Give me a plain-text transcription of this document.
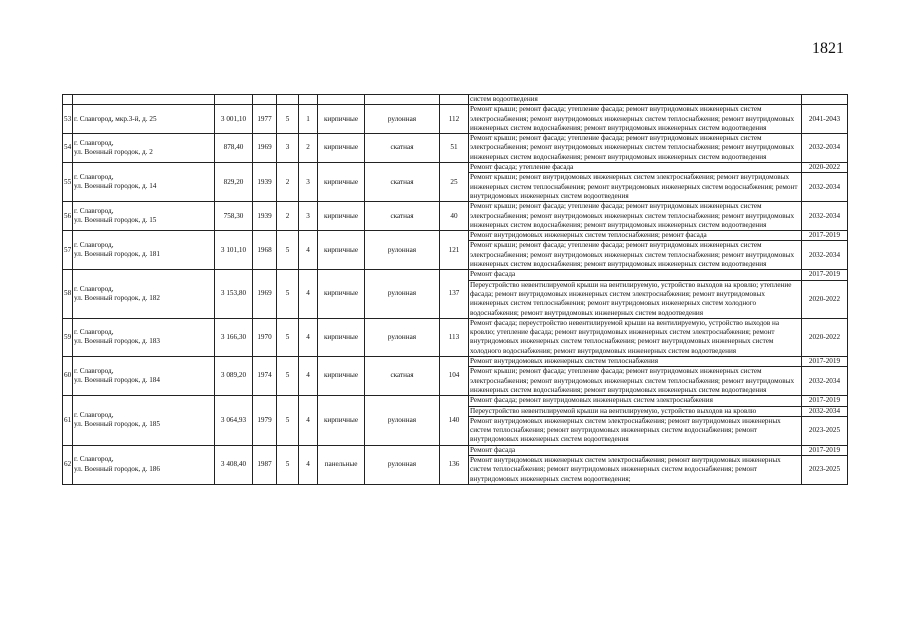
1821
									систем водоотведения	
53	г. Славгород, мкр.3-й, д. 25	3 001,10	1977	5	1	кирпичные	рулонная	112	Ремонт крыши; ремонт фасада; утепление фасада; ремонт внутридомовых инженерных систем электроснабжения; ремонт внутридомовых инженерных систем теплоснабжения; ремонт внутридомовых инженерных систем водоснабжения; ремонт внутридомовых инженерных систем водоотведения	2041-2043
54	г. Славгород,
ул. Военный городок, д. 2	878,40	1969	3	2	кирпичные	скатная	51	Ремонт крыши; ремонт фасада; утепление фасада; ремонт внутридомовых инженерных систем электроснабжения; ремонт внутридомовых инженерных систем теплоснабжения; ремонт внутридомовых инженерных систем водоснабжения; ремонт внутридомовых инженерных систем водоотведения	2032-2034
55	г. Славгород,
ул. Военный городок, д. 14	829,20	1939	2	3	кирпичные	скатная	25	Ремонт фасада; утепление фасада	2020-2022
									Ремонт крыши; ремонт внутридомовых инженерных систем электроснабжения; ремонт внутридомовых инженерных систем теплоснабжения; ремонт внутридомовых инженерных систем водоснабжения; ремонт внутридомовых инженерных систем водоотведения	2032-2034
56	г. Славгород,
ул. Военный городок, д. 15	758,30	1939	2	3	кирпичные	скатная	40	Ремонт крыши; ремонт фасада; утепление фасада; ремонт внутридомовых инженерных систем электроснабжения; ремонт внутридомовых инженерных систем теплоснабжения; ремонт внутридомовых инженерных систем водоснабжения; ремонт внутридомовых инженерных систем водоотведения	2032-2034
57	г. Славгород,
ул. Военный городок, д. 181	3 101,10	1968	5	4	кирпичные	рулонная	121	Ремонт внутридомовых инженерных систем теплоснабжения; ремонт фасада	2017-2019
									Ремонт крыши; ремонт фасада; утепление фасада; ремонт внутридомовых инженерных систем электроснабжения; ремонт внутридомовых инженерных систем теплоснабжения; ремонт внутридомовых инженерных систем водоснабжения; ремонт внутридомовых инженерных систем водоотведения	2032-2034
58	г. Славгород,
ул. Военный городок, д. 182	3 153,80	1969	5	4	кирпичные	рулонная	137	Ремонт фасада	2017-2019
									Переустройство невентилируемой крыши на вентилируемую, устройство выходов на кровлю; утепление фасада; ремонт внутридомовых инженерных систем электроснабжения; ремонт внутридомовых инженерных систем теплоснабжения; ремонт внутридомовых инженерных систем холодного водоснабжения; ремонт внутридомовых инженерных систем водоотведения	2020-2022
59	г. Славгород,
ул. Военный городок, д. 183	3 166,30	1970	5	4	кирпичные	рулонная	113	Ремонт фасада; переустройство невентилируемой крыши на вентилируемую, устройство выходов на кровлю; утепление фасада; ремонт внутридомовых инженерных систем электроснабжения; ремонт внутридомовых инженерных систем теплоснабжения; ремонт внутридомовых инженерных систем холодного водоснабжения; ремонт внутридомовых инженерных систем водоотведения	2020-2022
60	г. Славгород,
ул. Военный городок, д. 184	3 089,20	1974	5	4	кирпичные	скатная	104	Ремонт внутридомовых инженерных систем теплоснабжения	2017-2019
									Ремонт крыши; ремонт фасада; утепление фасада; ремонт внутридомовых инженерных систем электроснабжения; ремонт внутридомовых инженерных систем теплоснабжения; ремонт внутридомовых инженерных систем водоснабжения; ремонт внутридомовых инженерных систем водоотведения	2032-2034
61	г. Славгород,
ул. Военный городок, д. 185	3 064,93	1979	5	4	кирпичные	рулонная	140	Ремонт фасада; ремонт внутридомовых инженерных систем электроснабжения	2017-2019
									Переустройство невентилируемой крыши на вентилируемую, устройство выходов на кровлю	2032-2034
									Ремонт внутридомовых инженерных систем электроснабжения; ремонт внутридомовых инженерных систем теплоснабжения; ремонт внутридомовых инженерных систем водоснабжения; ремонт внутридомовых инженерных систем водоотведения	2023-2025
62	г. Славгород,
ул. Военный городок, д. 186	3 408,40	1987	5	4	панельные	рулонная	136	Ремонт фасада	2017-2019
									Ремонт внутридомовых инженерных систем электроснабжения; ремонт внутридомовых инженерных систем теплоснабжения; ремонт внутридомовых инженерных систем водоснабжения; ремонт внутридомовых инженерных систем водоотведения;	2023-2025
